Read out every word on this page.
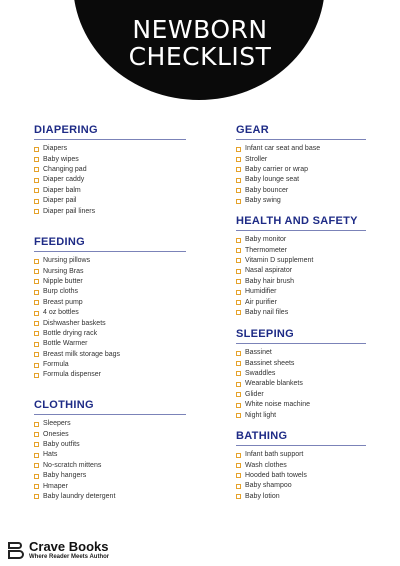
NEWBORN
CHECKLIST
DIAPERING
Diapers
Baby wipes
Changing pad
Diaper caddy
Diaper balm
Diaper pail
Diaper pail liners
FEEDING
Nursing pillows
Nursing Bras
Nipple butter
Burp cloths
Breast pump
4 oz bottles
Dishwasher baskets
Bottle drying rack
Bottle Warmer
Breast milk storage bags
Formula
Formula dispenser
CLOTHING
Sleepers
Onesies
Baby outfits
Hats
No-scratch mittens
Baby hangers
Hmaper
Baby laundry detergent
GEAR
Infant car seat and base
Stroller
Baby carrier or wrap
Baby lounge seat
Baby bouncer
Baby swing
HEALTH AND SAFETY
Baby monitor
Thermometer
Vitamin D supplement
Nasal aspirator
Baby hair brush
Humidifier
Air purifier
Baby nail files
SLEEPING
Bassinet
Bassinet sheets
Swaddles
Wearable blankets
Glider
White noise machine
Night light
BATHING
Infant bath support
Wash clothes
Hooded bath towels
Baby shampoo
Baby lotion
Crave Books
Where Reader Meets Author
